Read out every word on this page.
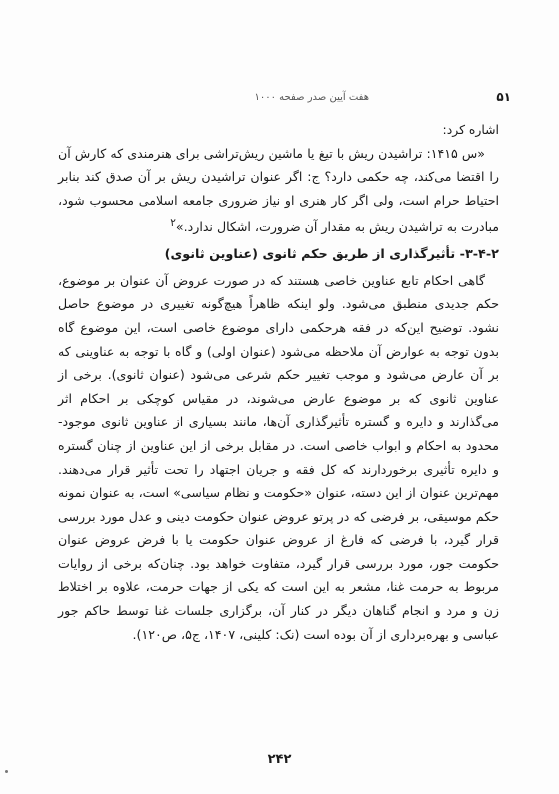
۵۱
هفت آیین صدر صفحه ۱۰۰۰

اشاره کرد:

«س ۱۴۱۵: تراشیدن ریش با تیغ یا ماشین ریش‌تراشی برای هنرمندی که کارش آن را اقتضا می‌کند، چه حکمی دارد؟ ج: اگر عنوان تراشیدن ریش بر آن صدق کند بنابر احتیاط حرام است، ولی اگر کار هنری او نیاز ضروری جامعه اسلامی محسوب شود، مبادرت به تراشیدن ریش به مقدار آن ضرورت، اشکال ندارد.»$^۲$

۳-۴-۲- تأثیرگذاری از طریق حکم ثانوی (عناوین ثانوی)

گاهی احکام تابع عناوین خاصی هستند که در صورت عروض آن عنوان بر موضوع، حکم جدیدی منطبق می‌شود. ولو اینکه ظاهراً هیچ‌گونه تغییری در موضوع حاصل نشود. توضیح این‌که در فقه هرحکمی دارای موضوع خاصی است، این موضوع گاه بدون توجه به عوارض آن ملاحظه می‌شود (عنوان اولی) و گاه با توجه به عناوینی که بر آن عارض می‌شود و موجب تغییر حکم شرعی می‌شود (عنوان ثانوی). برخی از عناوین ثانوی که بر موضوع عارض می‌شوند، در مقیاس کوچکی بر احکام اثر می‌گذارند و دایره و گستره تأثیرگذاری آن‌ها، مانند بسیاری از عناوین ثانوی موجود- محدود به احکام و ابواب خاصی است. در مقابل برخی از این عناوین از چنان گستره و دایره تأثیری برخوردارند که کل فقه و جریان اجتهاد را تحت تأثیر قرار می‌دهند. مهم‌ترین عنوان از این دسته، عنوان «حکومت و نظام سیاسی» است، به عنوان نمونه حکم موسیقی، بر فرضی که در پرتو عروض عنوان حکومت دینی و عدل مورد بررسی قرار گیرد، با فرضی که فارغ از عروض عنوان حکومت یا با فرض عروض عنوان حکومت جور، مورد بررسی قرار گیرد، متفاوت خواهد بود. چنان‌که برخی از روایات مربوط به حرمت غنا، مشعر به این است که یکی از جهات حرمت، علاوه بر اختلاط زن و مرد و انجام گناهان دیگر در کنار آن، برگزاری جلسات غنا توسط حاکم جور عباسی و بهره‌برداری از آن بوده است (نک: کلینی، ۱۴۰۷، ج۵، ص۱۲۰).

۲۴۲
